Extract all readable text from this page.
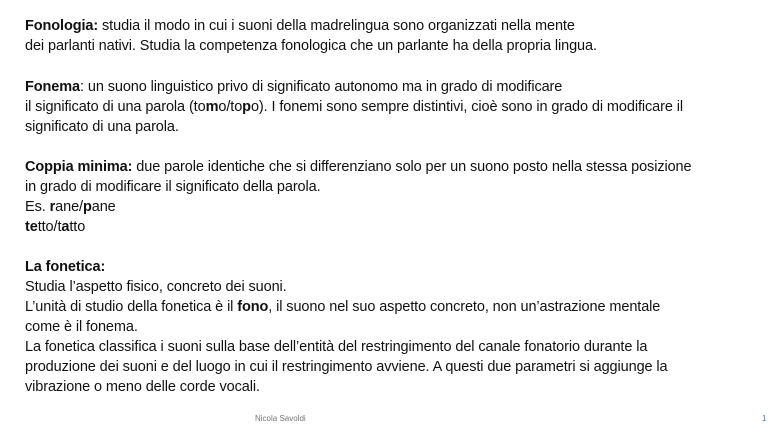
Fonologia: studia il modo in cui i suoni della madrelingua sono organizzati nella mente
dei parlanti nativi. Studia la competenza fonologica che un parlante ha della propria lingua.
Fonema: un suono linguistico privo di significato autonomo ma in grado di modificare
il significato di una parola (tomo/topo). I fonemi sono sempre distintivi, cioè sono in grado di modificare il
significato di una parola.
Coppia minima: due parole identiche che si differenziano solo per un suono posto nella stessa posizione
in grado di modificare il significato della parola.
Es. rane/pane
tetto/tatto
La fonetica:
Studia l’aspetto fisico, concreto dei suoni.
L’unità di studio della fonetica è il fono, il suono nel suo aspetto concreto, non un’astrazione mentale
come è il fonema.
La fonetica classifica i suoni sulla base dell’entità del restringimento del canale fonatorio durante la
produzione dei suoni e del luogo in cui il restringimento avviene. A questi due parametri si aggiunge la
vibrazione o meno delle corde vocali.
Nicola Savoldi	1
